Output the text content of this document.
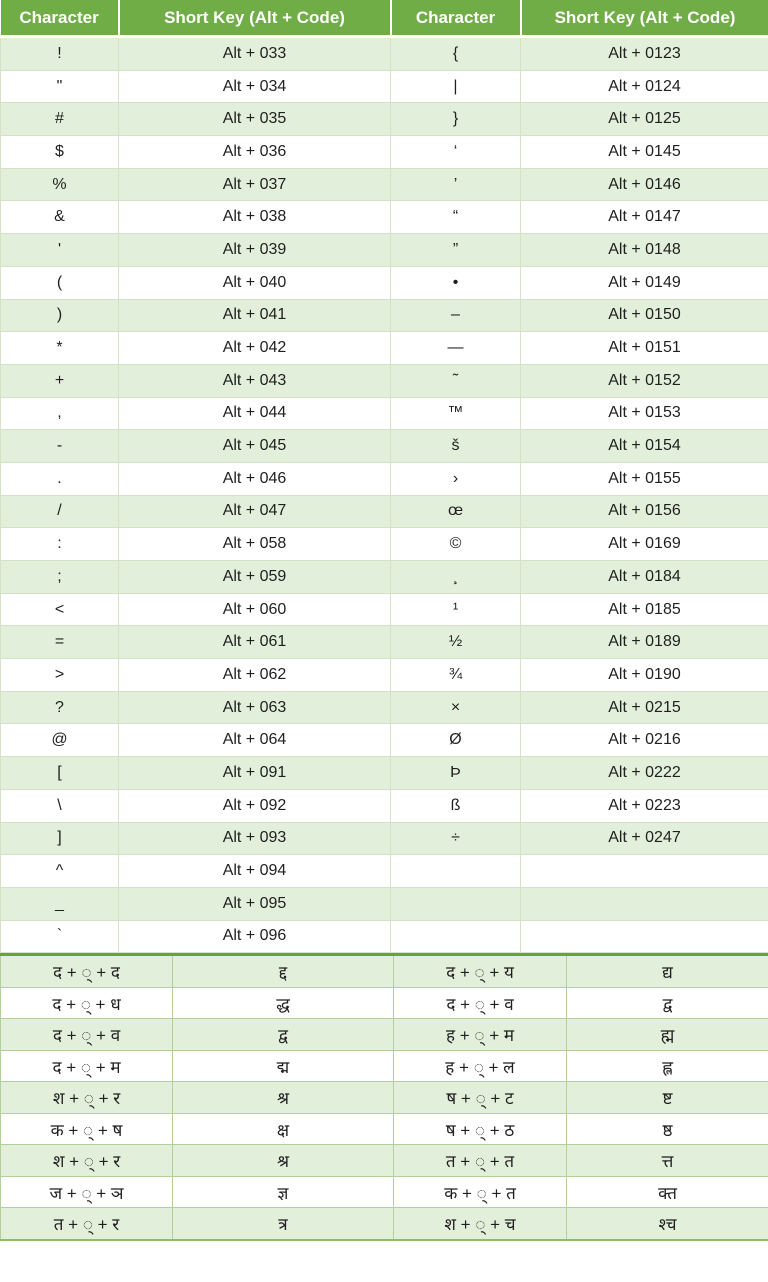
Character	Short Key (Alt + Code)	Character	Short Key (Alt + Code)
!	Alt + 033	{	Alt + 0123
"	Alt + 034	|	Alt + 0124
#	Alt + 035	}	Alt + 0125
$	Alt + 036	‘	Alt + 0145
%	Alt + 037	’	Alt + 0146
&	Alt + 038	“	Alt + 0147
'	Alt + 039	”	Alt + 0148
(	Alt + 040	•	Alt + 0149
)	Alt + 041	–	Alt + 0150
*	Alt + 042	—	Alt + 0151
+	Alt + 043	˜	Alt + 0152
,	Alt + 044	™	Alt + 0153
-	Alt + 045	š	Alt + 0154
.	Alt + 046	›	Alt + 0155
/	Alt + 047	œ	Alt + 0156
:	Alt + 058	©	Alt + 0169
;	Alt + 059	¸	Alt + 0184
<	Alt + 060	¹	Alt + 0185
=	Alt + 061	½	Alt + 0189
>	Alt + 062	¾	Alt + 0190
?	Alt + 063	×	Alt + 0215
@	Alt + 064	Ø	Alt + 0216
[	Alt + 091	Þ	Alt + 0222
\	Alt + 092	ß	Alt + 0223
]	Alt + 093	÷	Alt + 0247
^	Alt + 094		
_	Alt + 095		
`	Alt + 096		
द + ◌् + द	द्द	द + ◌् + य	द्य
द + ◌् + ध	द्ध	द + ◌् + व	द्व
द + ◌् + व	द्व	ह + ◌् + म	ह्म
द + ◌् + म	द्म	ह + ◌् + ल	ह्ल
श + ◌् + र	श्र	ष + ◌् + ट	ष्ट
क + ◌् + ष	क्ष	ष + ◌् + ठ	ष्ठ
श + ◌् + र	श्र	त + ◌् + त	त्त
ज + ◌् + ञ	ज्ञ	क + ◌् + त	क्त
त + ◌् + र	त्र	श + ◌् + च	श्च
